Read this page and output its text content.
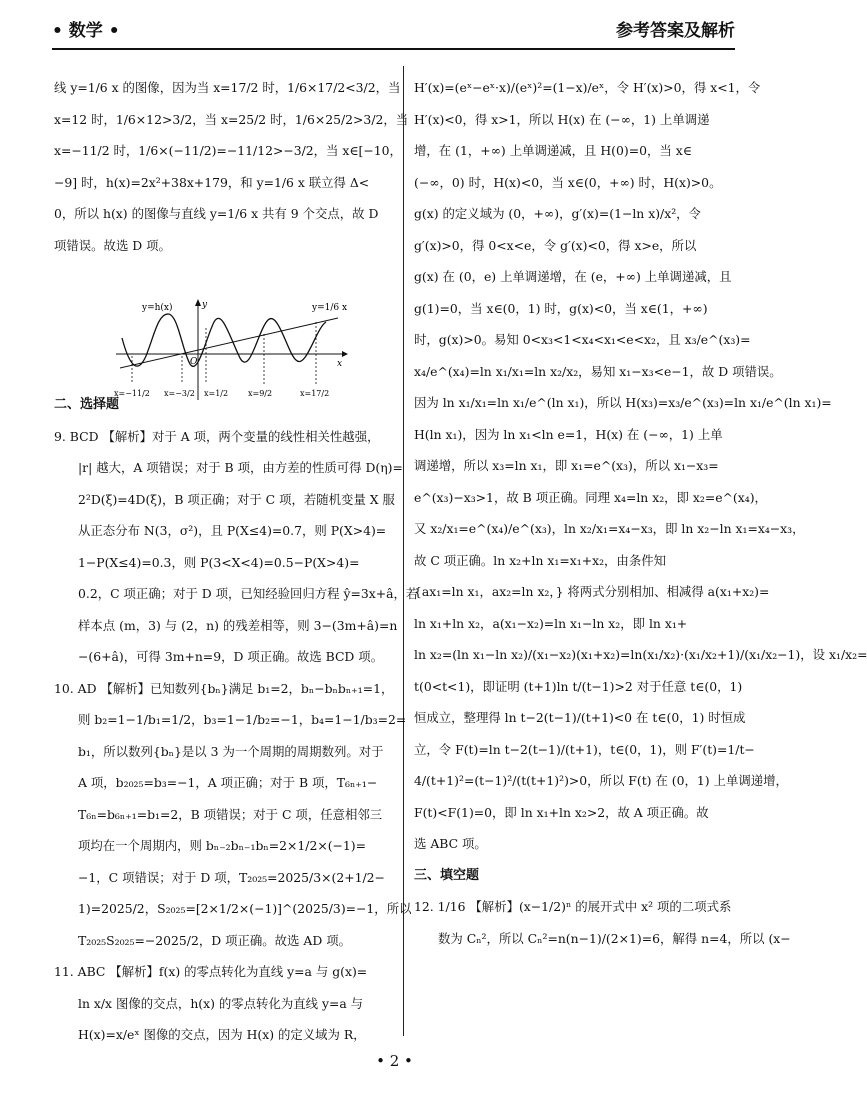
• 数学 •	参考答案及解析

线 y=1/6 x 的图像，因为当 x=17/2 时，1/6×17/2<3/2，当

x=12 时，1/6×12>3/2，当 x=25/2 时，1/6×25/2>3/2，当

x=−11/2 时，1/6×(−11/2)=−11/12>−3/2，当 x∈[−10，

−9] 时，h(x)=2x²+38x+179，和 y=1/6 x 联立得 Δ<

0，所以 h(x) 的图像与直线 y=1/6 x 共有 9 个交点，故 D

项错误。故选 D 项。

二、选择题

9. BCD 【解析】对于 A 项，两个变量的线性相关性越强，

|r| 越大，A 项错误；对于 B 项，由方差的性质可得 D(η)=

2²D(ξ)=4D(ξ)，B 项正确；对于 C 项，若随机变量 X 服

从正态分布 N(3，σ²)，且 P(X≤4)=0.7，则 P(X>4)=

1−P(X≤4)=0.3，则 P(3<X<4)=0.5−P(X>4)=

0.2，C 项正确；对于 D 项，已知经验回归方程 ŷ=3x+â，若

样本点 (m，3) 与 (2，n) 的残差相等，则 3−(3m+â)=n

−(6+â)，可得 3m+n=9，D 项正确。故选 BCD 项。

10. AD 【解析】已知数列{bₙ}满足 b₁=2，bₙ−bₙbₙ₊₁=1，

则 b₂=1−1/b₁=1/2，b₃=1−1/b₂=−1，b₄=1−1/b₃=2=

b₁，所以数列{bₙ}是以 3 为一个周期的周期数列。对于

A 项，b₂₀₂₅=b₃=−1，A 项正确；对于 B 项，T₆ₙ₊₁−

T₆ₙ=b₆ₙ₊₁=b₁=2，B 项错误；对于 C 项，任意相邻三

项均在一个周期内，则 bₙ₋₂bₙ₋₁bₙ=2×1/2×(−1)=

−1，C 项错误；对于 D 项，T₂₀₂₅=2025/3×(2+1/2−

1)=2025/2，S₂₀₂₅=[2×1/2×(−1)]^(2025/3)=−1，所以

T₂₀₂₅S₂₀₂₅=−2025/2，D 项正确。故选 AD 项。

11. ABC 【解析】f(x) 的零点转化为直线 y=a 与 g(x)=

ln x/x 图像的交点，h(x) 的零点转化为直线 y=a 与

H(x)=x/eˣ 图像的交点，因为 H(x) 的定义域为 R，

y=h(x)	y=1/6 x
x
y
O
x=−11/2 x=−3/2 x=1/2 x=9/2	x=17/2

H′(x)=(eˣ−eˣ·x)/(eˣ)²=(1−x)/eˣ，令 H′(x)>0，得 x<1，令

H′(x)<0，得 x>1，所以 H(x) 在 (−∞，1) 上单调递

增，在 (1，+∞) 上单调递减，且 H(0)=0，当 x∈

(−∞，0) 时，H(x)<0，当 x∈(0，+∞) 时，H(x)>0。

g(x) 的定义域为 (0，+∞)，g′(x)=(1−ln x)/x²，令

g′(x)>0，得 0<x<e，令 g′(x)<0，得 x>e，所以

g(x) 在 (0，e) 上单调递增，在 (e，+∞) 上单调递减，且

g(1)=0，当 x∈(0，1) 时，g(x)<0，当 x∈(1，+∞)

时，g(x)>0。易知 0<x₃<1<x₄<x₁<e<x₂，且 x₃/e^(x₃)=

x₄/e^(x₄)=ln x₁/x₁=ln x₂/x₂，易知 x₁−x₃<e−1，故 D 项错误。

因为 ln x₁/x₁=ln x₁/e^(ln x₁)，所以 H(x₃)=x₃/e^(x₃)=ln x₁/e^(ln x₁)=

H(ln x₁)，因为 ln x₁<ln e=1，H(x) 在 (−∞，1) 上单

调递增，所以 x₃=ln x₁，即 x₁=e^(x₃)，所以 x₁−x₃=

e^(x₃)−x₃>1，故 B 项正确。同理 x₄=ln x₂，即 x₂=e^(x₄)，

又 x₂/x₁=e^(x₄)/e^(x₃)，ln x₂/x₁=x₄−x₃，即 ln x₂−ln x₁=x₄−x₃，

故 C 项正确。ln x₂+ln x₁=x₁+x₂，由条件知

{ax₁=ln x₁，ax₂=ln x₂，} 将两式分别相加、相减得 a(x₁+x₂)=

ln x₁+ln x₂，a(x₁−x₂)=ln x₁−ln x₂，即 ln x₁+

ln x₂=(ln x₁−ln x₂)/(x₁−x₂)(x₁+x₂)=ln(x₁/x₂)·(x₁/x₂+1)/(x₁/x₂−1)，设 x₁/x₂=

t(0<t<1)，即证明 (t+1)ln t/(t−1)>2 对于任意 t∈(0，1)

恒成立，整理得 ln t−2(t−1)/(t+1)<0 在 t∈(0，1) 时恒成

立，令 F(t)=ln t−2(t−1)/(t+1)，t∈(0，1)，则 F′(t)=1/t−

4/(t+1)²=(t−1)²/(t(t+1)²)>0，所以 F(t) 在 (0，1) 上单调递增，

F(t)<F(1)=0，即 ln x₁+ln x₂>2，故 A 项正确。故

选 ABC 项。

三、填空题

12. 1/16 【解析】(x−1/2)ⁿ 的展开式中 x² 项的二项式系

数为 Cₙ²，所以 Cₙ²=n(n−1)/(2×1)=6，解得 n=4，所以 (x−

• 2 •
